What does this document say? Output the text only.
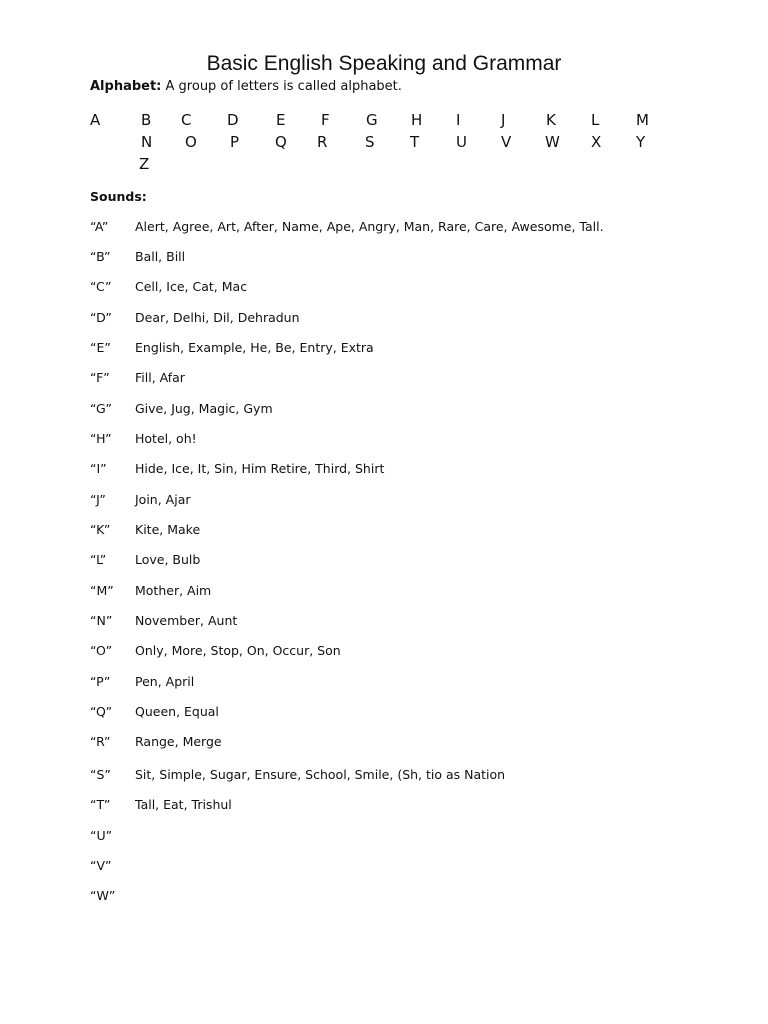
Basic English Speaking and Grammar
Alphabet: A group of letters is called alphabet.
A	B C D E F G H I	J	K L M
N O P Q R	S T U V W X Y
Z
Sounds:
“A” Alert, Agree, Art, After, Name, Ape, Angry, Man, Rare, Care, Awesome, Tall.
“B” Ball, Bill
“C” Cell, Ice, Cat, Mac
“D” Dear, Delhi, Dil, Dehradun
“E” English, Example, He, Be, Entry, Extra
“F” Fill, Afar
“G” Give, Jug, Magic, Gym
“H” Hotel, oh!
“I” Hide, Ice, It, Sin, Him Retire, Third, Shirt
“J” Join, Ajar
“K” Kite, Make
“L” Love, Bulb
“M” Mother, Aim
“N” November, Aunt
“O” Only, More, Stop, On, Occur, Son
“P” Pen, April
“Q” Queen, Equal
“R” Range, Merge
“S” Sit, Simple, Sugar, Ensure, School, Smile, (Sh, tio as Nation
“T” Tall, Eat, Trishul
“U”
“V”
“W”
